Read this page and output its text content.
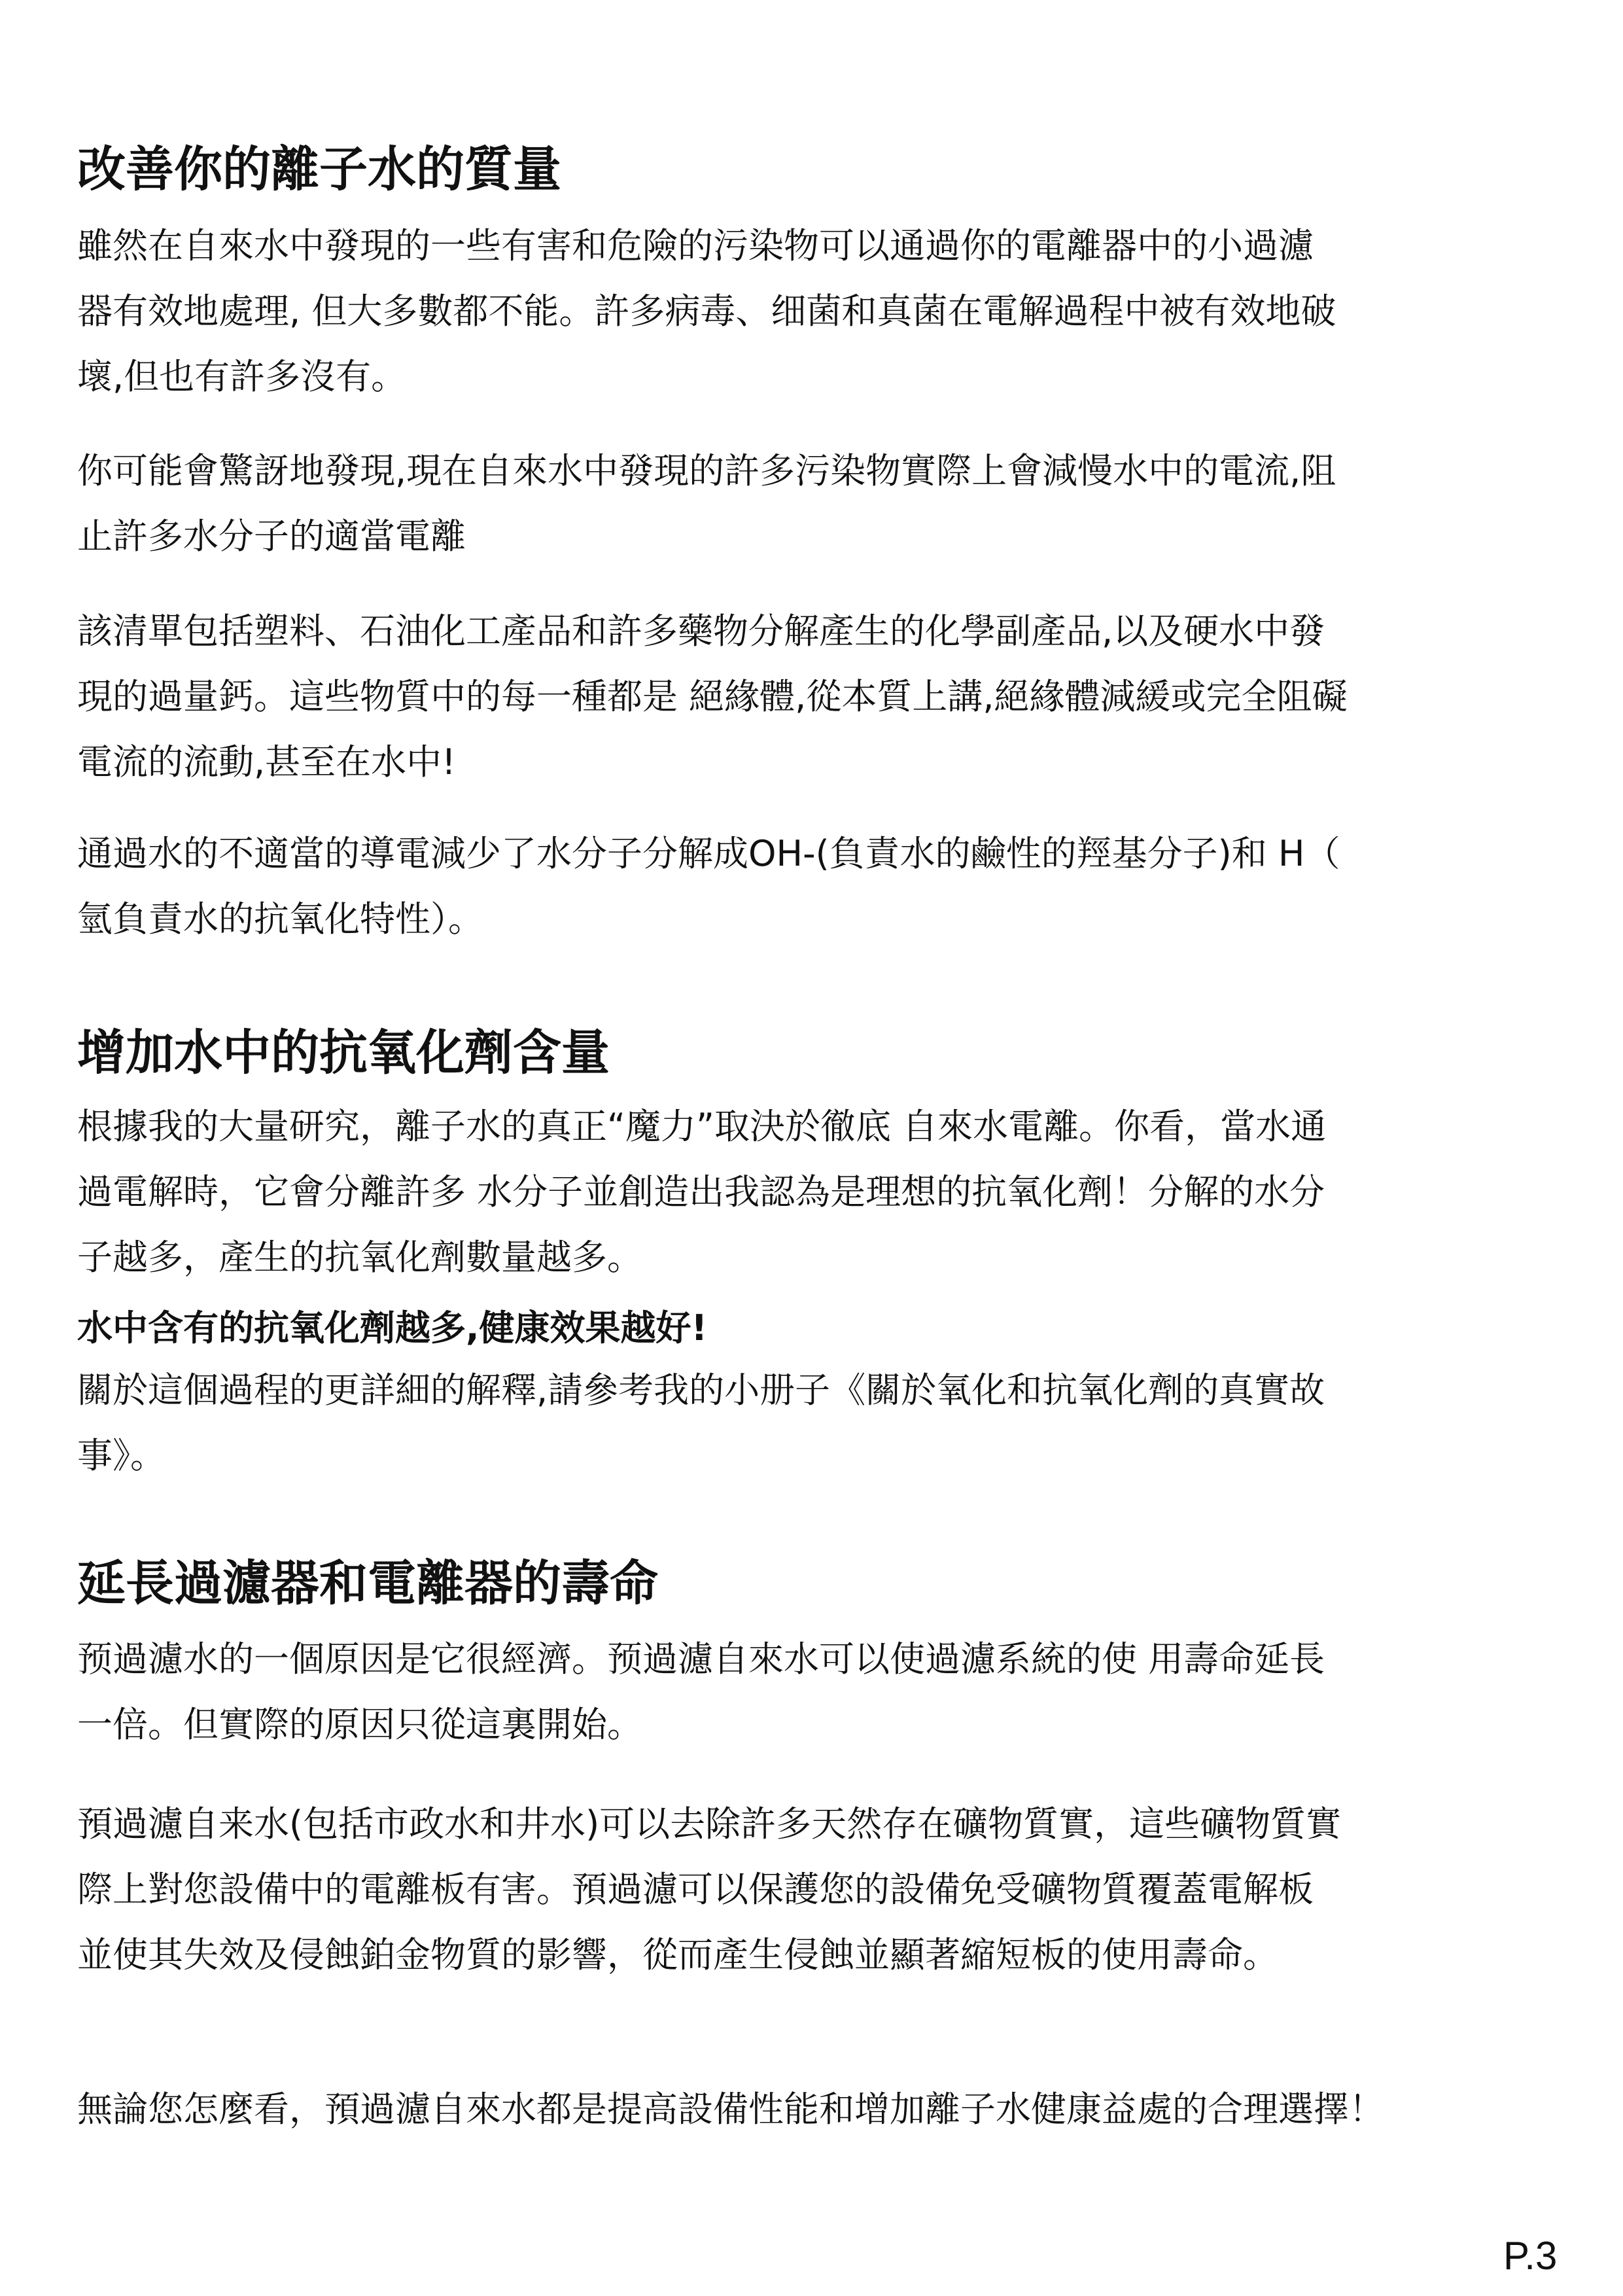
改善你的離子水的質量
雖然在自來水中發現的一些有害和危險的污染物可以通過你的電離器中的小過濾
器有效地處理, 但大多數都不能。許多病毒、细菌和真菌在電解過程中被有效地破
壞,但也有許多沒有。
你可能會驚訝地發現,現在自來水中發現的許多污染物實際上會減慢水中的電流,阻
止許多水分子的適當電離
該清單包括塑料、石油化工產品和許多藥物分解產生的化學副產品,以及硬水中發
現的過量鈣。這些物質中的每一種都是 絕緣體,從本質上講,絕緣體減緩或完全阻礙
電流的流動,甚至在水中!
通過水的不適當的導電減少了水分子分解成OH-(負責水的鹼性的羥基分子)和 H（
氫負責水的抗氧化特性）。
增加水中的抗氧化劑含量
根據我的大量研究，離子水的真正“魔力”取決於徹底 自來水電離。你看，當水通
過電解時，它會分離許多 水分子並創造出我認為是理想的抗氧化劑！分解的水分
子越多，產生的抗氧化劑數量越多。
水中含有的抗氧化劑越多,健康效果越好!
關於這個過程的更詳細的解釋,請參考我的小册子《關於氧化和抗氧化劑的真實故
事》。
延長過濾器和電離器的壽命
预過濾水的一個原因是它很經濟。预過濾自來水可以使過濾系統的使 用壽命延長
一倍。但實際的原因只從這裏開始。
預過濾自来水(包括市政水和井水)可以去除許多天然存在礦物質實，這些礦物質實
際上對您設備中的電離板有害。預過濾可以保護您的設備免受礦物質覆蓋電解板
並使其失效及侵蝕鉑金物質的影響，從而產生侵蝕並顯著縮短板的使用壽命。
無論您怎麼看，預過濾自來水都是提高設備性能和增加離子水健康益處的合理選擇！
P.3
